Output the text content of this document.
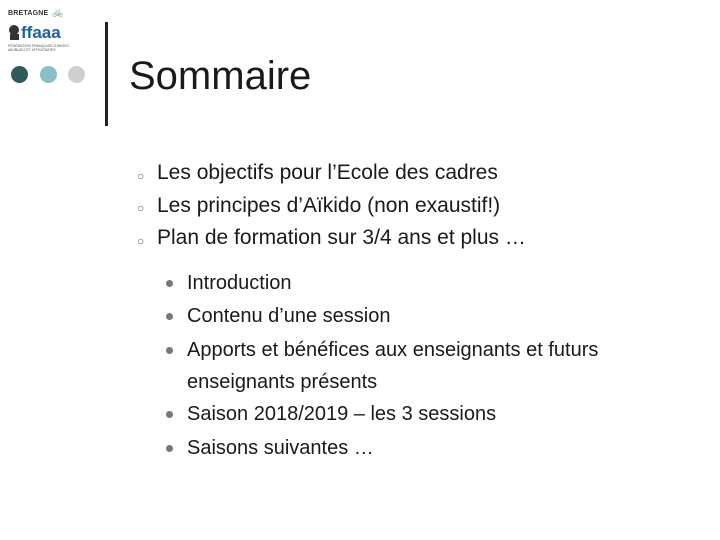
BRETAGNE 🚲
ffaaa
FÉDÉRATION FRANÇAISE D'AIKIDO AIKIBUDO ET AFFINITAIRES
Sommaire
○ Les objectifs pour l’Ecole des cadres
○ Les principes d’Aïkido (non exaustif!)
○ Plan de formation sur 3/4 ans et plus …
Introduction
Contenu d’une session
Apports et bénéfices aux enseignants et futurs enseignants présents
Saison 2018/2019 – les 3 sessions
Saisons suivantes …
